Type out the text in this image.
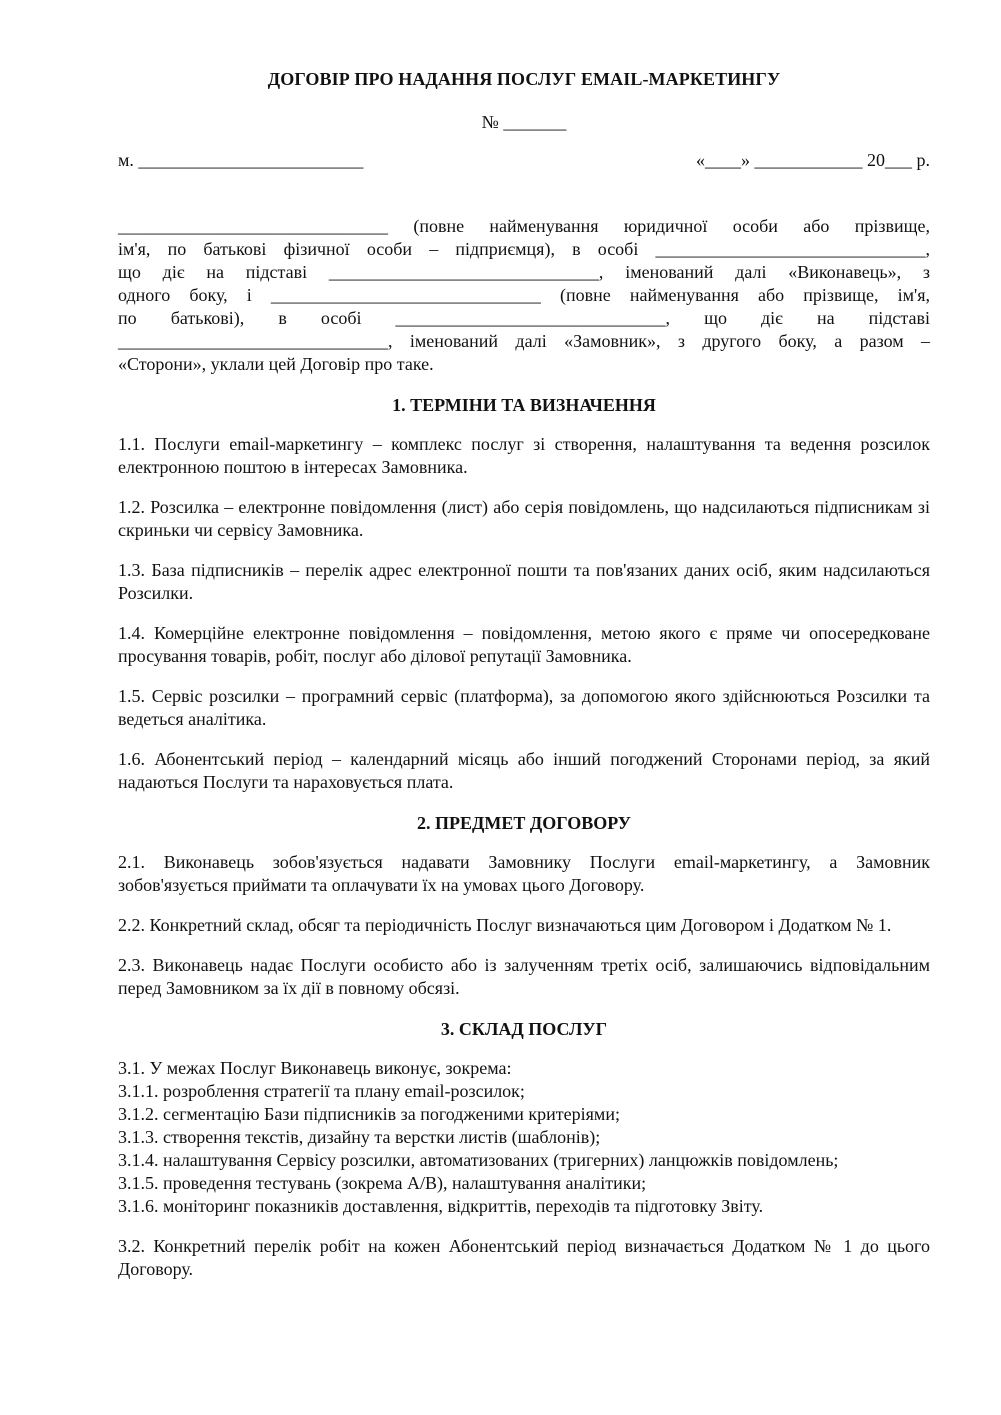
ДОГОВІР ПРО НАДАННЯ ПОСЛУГ EMAIL-МАРКЕТИНГУ
№ _______
м. _________________________	«____» ____________ 20___ р.
______________________________ (повне найменування юридичної особи або прізвище,
ім'я, по батькові фізичної особи – підприємця), в особі ______________________________,
що діє на підставі ______________________________, іменований далі «Виконавець», з
одного боку, і ______________________________ (повне найменування або прізвище, ім'я,
по батькові), в особі ______________________________, що діє на підставі
______________________________, іменований далі «Замовник», з другого боку, а разом –
«Сторони», уклали цей Договір про таке.
1. ТЕРМІНИ ТА ВИЗНАЧЕННЯ

1.1. Послуги email-маркетингу – комплекс послуг зі створення, налаштування та ведення розсилок електронною поштою в інтересах Замовника.

1.2. Розсилка – електронне повідомлення (лист) або серія повідомлень, що надсилаються підписникам зі скриньки чи сервісу Замовника.

1.3. База підписників – перелік адрес електронної пошти та пов'язаних даних осіб, яким надсилаються Розсилки.

1.4. Комерційне електронне повідомлення – повідомлення, метою якого є пряме чи опосередковане просування товарів, робіт, послуг або ділової репутації Замовника.

1.5. Сервіс розсилки – програмний сервіс (платформа), за допомогою якого здійснюються Розсилки та ведеться аналітика.

1.6. Абонентський період – календарний місяць або інший погоджений Сторонами період, за який надаються Послуги та нараховується плата.

2. ПРЕДМЕТ ДОГОВОРУ

2.1. Виконавець зобов'язується надавати Замовнику Послуги email-маркетингу, а Замовник зобов'язується приймати та оплачувати їх на умовах цього Договору.

2.2. Конкретний склад, обсяг та періодичність Послуг визначаються цим Договором і Додатком № 1.

2.3. Виконавець надає Послуги особисто або із залученням третіх осіб, залишаючись відповідальним перед Замовником за їх дії в повному обсязі.

3. СКЛАД ПОСЛУГ
3.1. У межах Послуг Виконавець виконує, зокрема:
3.1.1. розроблення стратегії та плану email-розсилок;
3.1.2. сегментацію Бази підписників за погодженими критеріями;
3.1.3. створення текстів, дизайну та верстки листів (шаблонів);
3.1.4. налаштування Сервісу розсилки, автоматизованих (тригерних) ланцюжків повідомлень;
3.1.5. проведення тестувань (зокрема A/B), налаштування аналітики;
3.1.6. моніторинг показників доставлення, відкриттів, переходів та підготовку Звіту.

3.2. Конкретний перелік робіт на кожен Абонентський період визначається Додатком № 1 до цього Договору.
